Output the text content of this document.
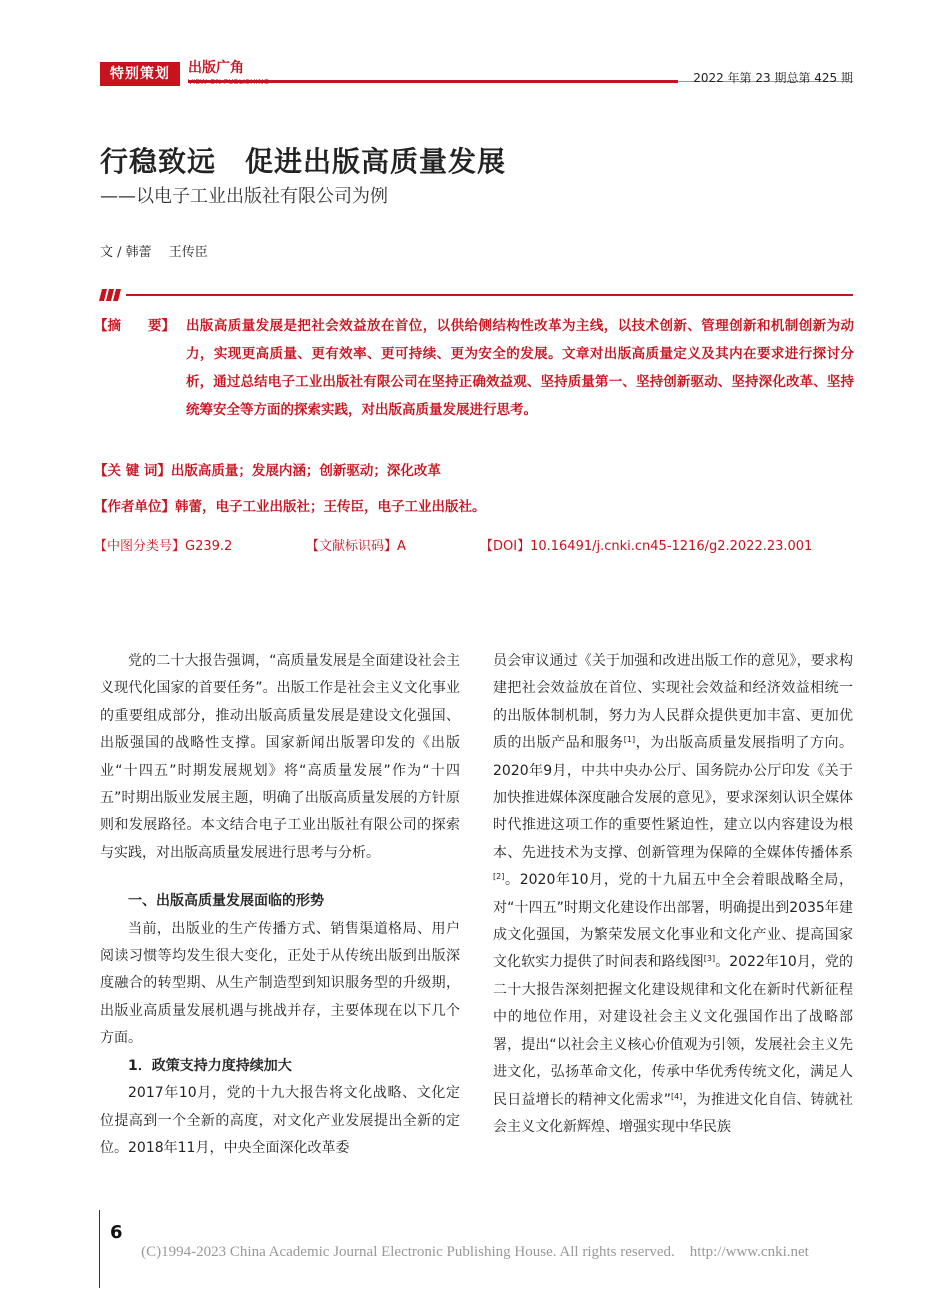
特别策划	出版广角
2022 年第 23 期总第 425 期
行稳致远　促进出版高质量发展
——以电子工业出版社有限公司为例
文 / 韩蕾　 王传臣
【摘　　要】 出版高质量发展是把社会效益放在首位，以供给侧结构性改革为主线，以技术创新、管理创新和机制创新为动力，实现更高质量、更有效率、更可持续、更为安全的发展。文章对出版高质量定义及其内在要求进行探讨分析，通过总结电子工业出版社有限公司在坚持正确效益观、坚持质量第一、坚持创新驱动、坚持深化改革、坚持统筹安全等方面的探索实践，对出版高质量发展进行思考。
【关 键 词】出版高质量；发展内涵；创新驱动；深化改革
【作者单位】韩蕾，电子工业出版社；王传臣，电子工业出版社。
【中图分类号】G239.2	【文献标识码】A	【DOI】10.16491/j.cnki.cn45-1216/g2.2022.23.001

党的二十大报告强调，“高质量发展是全面建设社会主义现代化国家的首要任务”。出版工作是社会主义文化事业的重要组成部分，推动出版高质量发展是建设文化强国、出版强国的战略性支撑。国家新闻出版署印发的《出版业“十四五”时期发展规划》将“高质量发展”作为“十四五”时期出版业发展主题，明确了出版高质量发展的方针原则和发展路径。本文结合电子工业出版社有限公司的探索与实践，对出版高质量发展进行思考与分析。

一、出版高质量发展面临的形势

当前，出版业的生产传播方式、销售渠道格局、用户阅读习惯等均发生很大变化，正处于从传统出版到出版深度融合的转型期、从生产制造型到知识服务型的升级期，出版业高质量发展机遇与挑战并存，主要体现在以下几个方面。

1．政策支持力度持续加大

2017年10月，党的十九大报告将文化战略、文化定位提高到一个全新的高度，对文化产业发展提出全新的定位。2018年11月，中央全面深化改革委

员会审议通过《关于加强和改进出版工作的意见》，要求构建把社会效益放在首位、实现社会效益和经济效益相统一的出版体制机制，努力为人民群众提供更加丰富、更加优质的出版产品和服务[1]，为出版高质量发展指明了方向。2020年9月，中共中央办公厅、国务院办公厅印发《关于加快推进媒体深度融合发展的意见》，要求深刻认识全媒体时代推进这项工作的重要性紧迫性，建立以内容建设为根本、先进技术为支撑、创新管理为保障的全媒体传播体系[2]。2020年10月，党的十九届五中全会着眼战略全局，对“十四五”时期文化建设作出部署，明确提出到2035年建成文化强国，为繁荣发展文化事业和文化产业、提高国家文化软实力提供了时间表和路线图[3]。2022年10月，党的二十大报告深刻把握文化建设规律和文化在新时代新征程中的地位作用，对建设社会主义文化强国作出了战略部署，提出“以社会主义核心价值观为引领，发展社会主义先进文化，弘扬革命文化，传承中华优秀传统文化，满足人民日益增长的精神文化需求”[4]，为推进文化自信、铸就社会主义文化新辉煌、增强实现中华民族

6
(C)1994-2023 China Academic Journal Electronic Publishing House. All rights reserved.    http://www.cnki.net
